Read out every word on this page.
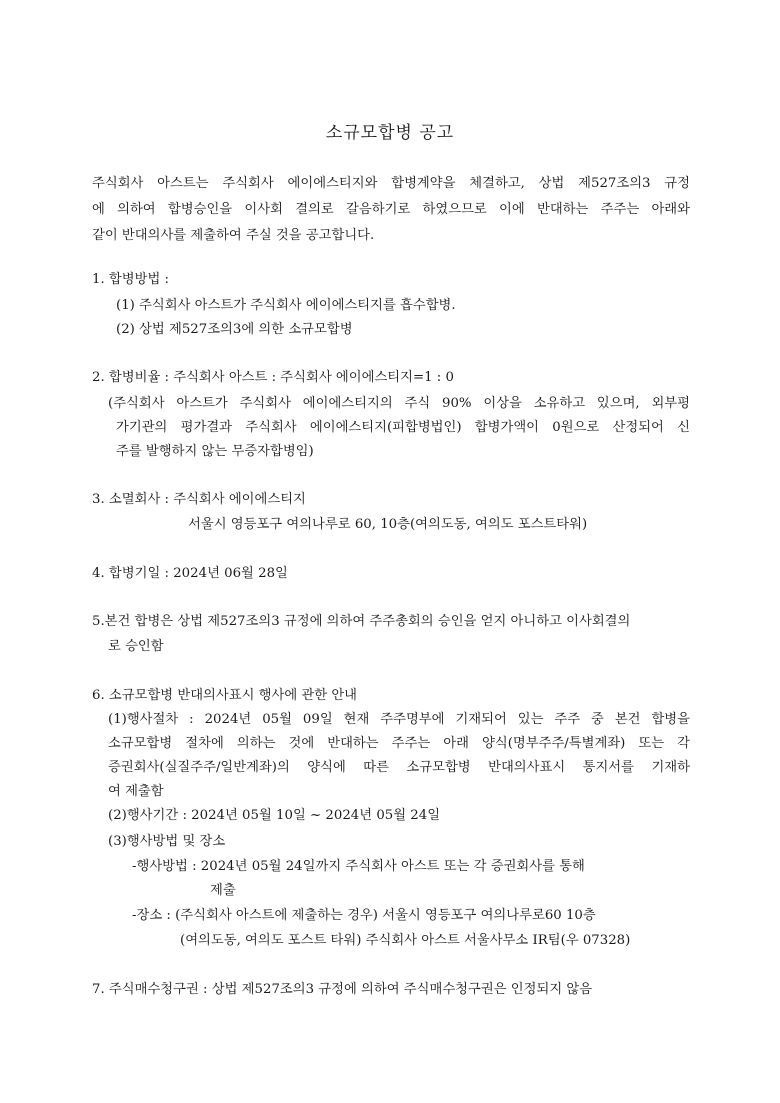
소규모합병 공고
주식회사 아스트는 주식회사 에이에스티지와 합병계약을 체결하고, 상법 제527조의3 규정
에 의하여 합병승인을 이사회 결의로 갈음하기로 하였으므로 이에 반대하는 주주는 아래와
같이 반대의사를 제출하여 주실 것을 공고합니다.
1. 합병방법 :
(1) 주식회사 아스트가 주식회사 에이에스티지를 흡수합병.
(2) 상법 제527조의3에 의한 소규모합병
2. 합병비율 : 주식회사 아스트 : 주식회사 에이에스티지=1 : 0
(주식회사 아스트가 주식회사 에이에스티지의 주식 90% 이상을 소유하고 있으며, 외부평
가기관의 평가결과 주식회사 에이에스티지(피합병법인) 합병가액이 0원으로 산정되어 신
주를 발행하지 않는 무증자합병임)
3. 소멸회사 : 주식회사 에이에스티지
서울시 영등포구 여의나루로 60, 10층(여의도동, 여의도 포스트타워)
4. 합병기일 : 2024년 06월 28일
5.본건 합병은 상법 제527조의3 규정에 의하여 주주총회의 승인을 얻지 아니하고 이사회결의
로 승인함
6. 소규모합병 반대의사표시 행사에 관한 안내
(1)행사절차 : 2024년 05월 09일 현재 주주명부에 기재되어 있는 주주 중 본건 합병을
소규모합병 절차에 의하는 것에 반대하는 주주는 아래 양식(명부주주/특별계좌) 또는 각
증권회사(실질주주/일반계좌)의 양식에 따른 소규모합병 반대의사표시 통지서를 기재하
여 제출함
(2)행사기간 : 2024년 05월 10일 ~ 2024년 05월 24일
(3)행사방법 및 장소
-행사방법 : 2024년 05월 24일까지 주식회사 아스트 또는 각 증권회사를 통해
제출
-장소 : (주식회사 아스트에 제출하는 경우) 서울시 영등포구 여의나루로60 10층
(여의도동, 여의도 포스트 타워) 주식회사 아스트 서울사무소 IR팀(우 07328)
7. 주식매수청구권 : 상법 제527조의3 규정에 의하여 주식매수청구권은 인정되지 않음
